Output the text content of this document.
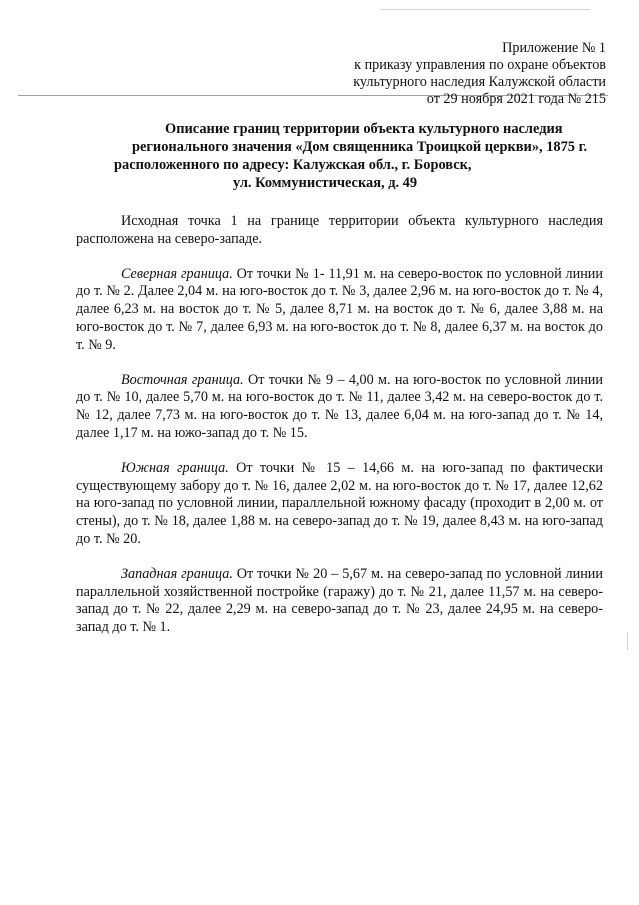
Приложение № 1
к приказу управления по охране объектов
культурного наследия Калужской области
от 29 ноября 2021 года № 215
Описание границ территории объекта культурного наследия
регионального значения «Дом священника Троицкой церкви», 1875 г.
расположенного по адресу: Калужская обл., г. Боровск,
ул. Коммунистическая, д. 49

Исходная точка 1 на границе территории объекта культурного наследия расположена на северо-западе.

Северная граница. От точки № 1- 11,91 м. на северо-восток по условной линии до т. № 2. Далее 2,04 м. на юго-восток до т. № 3, далее 2,96 м. на юго-восток до т. № 4, далее 6,23 м. на восток до т. № 5, далее 8,71 м. на восток до т. № 6, далее 3,88 м. на юго-восток до т. № 7, далее 6,93 м. на юго-восток до т. № 8, далее 6,37 м. на восток до т. № 9.

Восточная граница. От точки № 9 – 4,00 м. на юго-восток по условной линии до т. № 10, далее 5,70 м. на юго-восток до т. № 11, далее 3,42 м. на северо-восток до т. № 12, далее 7,73 м. на юго-восток до т. № 13, далее 6,04 м. на юго-запад до т. № 14, далее 1,17 м. на южо-запад до т. № 15.

Южная граница. От точки № 15 – 14,66 м. на юго-запад по фактически существующему забору до т. № 16, далее 2,02 м. на юго-восток до т. № 17, далее 12,62 на юго-запад по условной линии, параллельной южному фасаду (проходит в 2,00 м. от стены), до т. № 18, далее 1,88 м. на северо-запад до т. № 19, далее 8,43 м. на юго-запад до т. № 20.

Западная граница. От точки № 20 – 5,67 м. на северо-запад по условной линии параллельной хозяйственной постройке (гаражу) до т. № 21, далее 11,57 м. на северо-запад до т. № 22, далее 2,29 м. на северо-запад до т. № 23, далее 24,95 м. на северо-запад до т. № 1.
